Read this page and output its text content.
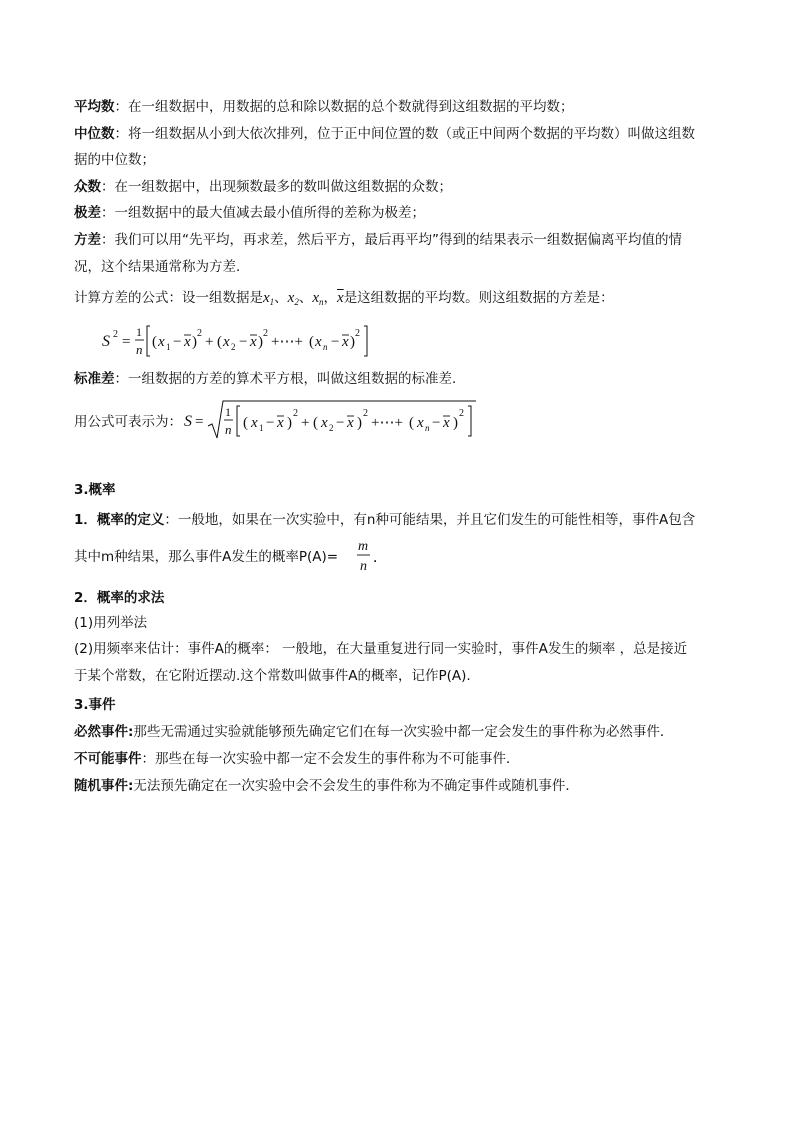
平均数：在一组数据中，用数据的总和除以数据的总个数就得到这组数据的平均数；
中位数：将一组数据从小到大依次排列，位于正中间位置的数（或正中间两个数据的平均数）叫做这组数
据的中位数；
众数：在一组数据中，出现频数最多的数叫做这组数据的众数；
极差：一组数据中的最大值减去最小值所得的差称为极差；
方差：我们可以用“先平均，再求差，然后平方，最后再平均”得到的结果表示一组数据偏离平均值的情
况，这个结果通常称为方差．
计算方差的公式：设一组数据是$x_1$、$x_2$、$x_n$，$\overline{x}$是这组数据的平均数。则这组数据的方差是：
S 2 =
1
n ( x 1 − x )
2
+ ( x 2 − x )
2
+⋯+ ( x n − x )
2
标准差：一组数据的方差的算术平方根，叫做这组数据的标准差．
用公式可表示为： S =
1
n ( x 1 − x )
2
+ ( x 2 − x )
2
+⋯+ ( x n − x )
2
3.概率
1．概率的定义：一般地，如果在一次实验中，有n种可能结果，并且它们发生的可能性相等，事件A包含
其中m种结果，那么事件A发生的概率P(A)=
m
n
．
2．概率的求法
(1)用列举法
(2)用频率来估计：事件A的概率： 一般地，在大量重复进行同一实验时，事件A发生的频率 ，总是接近
于某个常数，在它附近摆动.这个常数叫做事件A的概率，记作P(A).
3.事件
必然事件:那些无需通过实验就能够预先确定它们在每一次实验中都一定会发生的事件称为必然事件．
不可能事件：那些在每一次实验中都一定不会发生的事件称为不可能事件．
随机事件:无法预先确定在一次实验中会不会发生的事件称为不确定事件或随机事件．
